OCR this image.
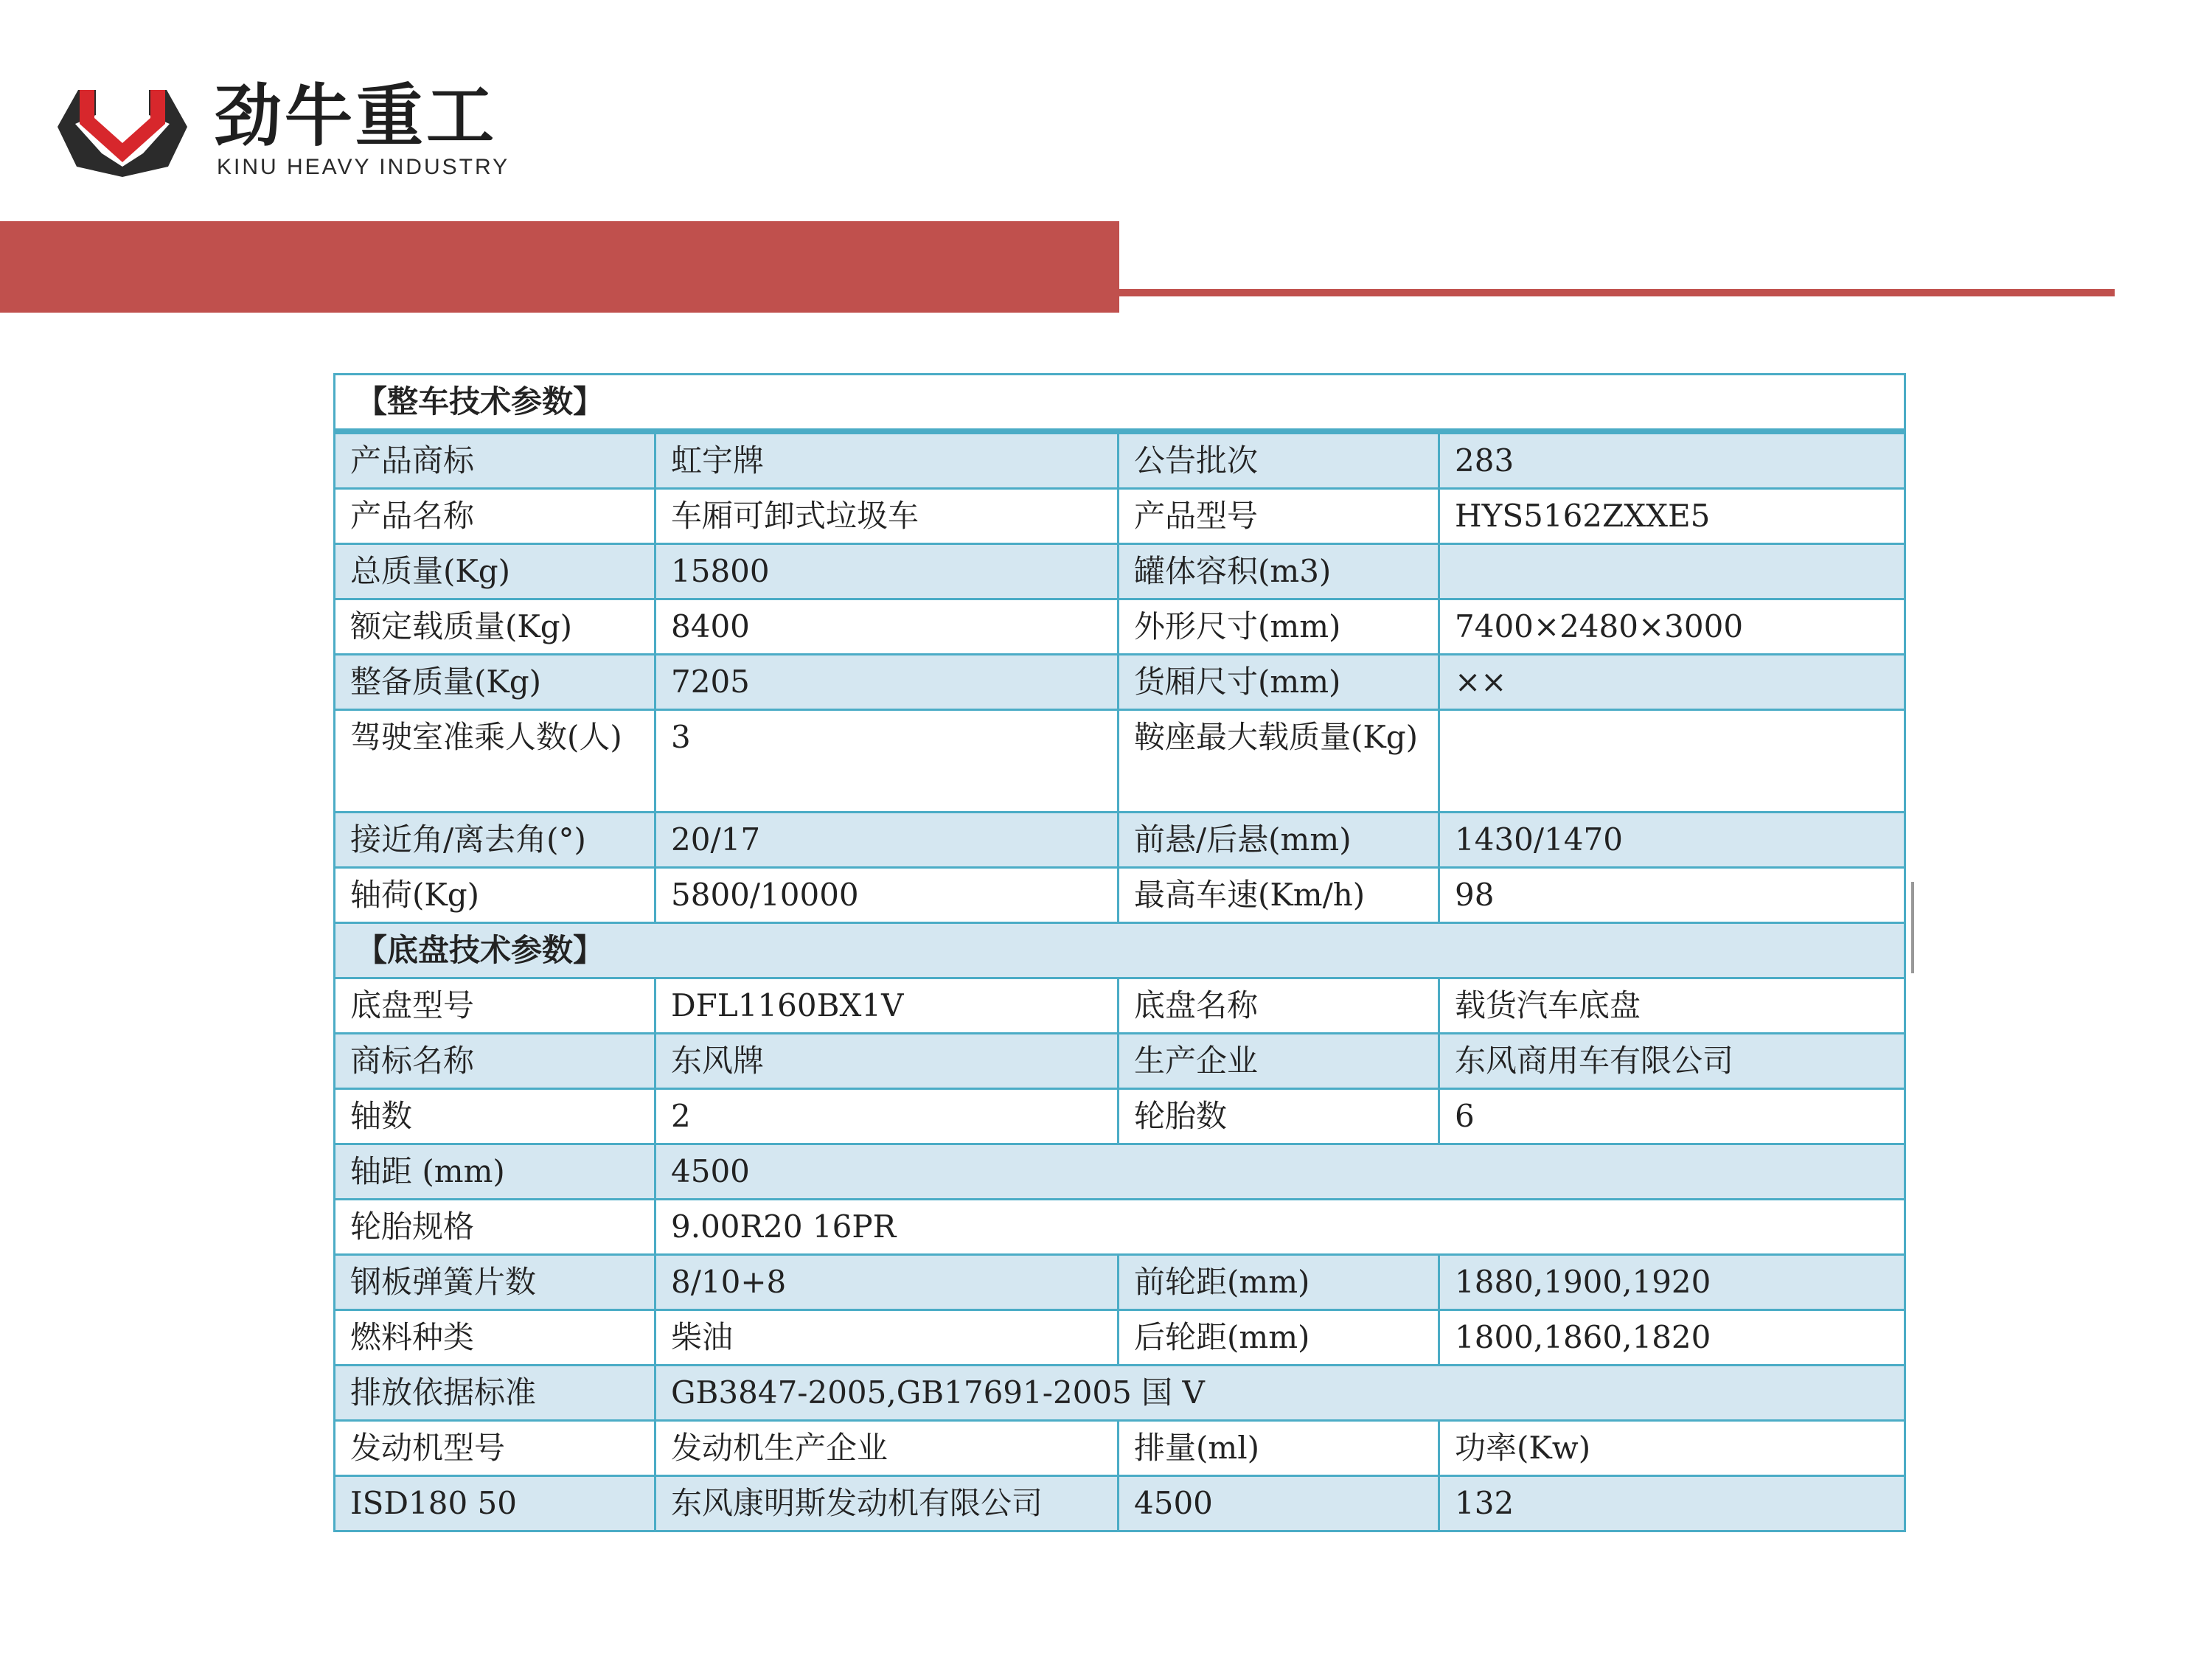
劲牛重工
KINU HEAVY INDUSTRY
【整车技术参数】			
产品商标	虹宇牌	公告批次	283
产品名称	车厢可卸式垃圾车	产品型号	HYS5162ZXXE5
总质量(Kg)	15800	罐体容积(m3)	
额定载质量(Kg)	8400	外形尺寸(mm)	7400×2480×3000
整备质量(Kg)	7205	货厢尺寸(mm)	××
驾驶室准乘人数(人)	3	鞍座最大载质量(Kg)	
接近角/离去角(°)	20/17	前悬/后悬(mm)	1430/1470
轴荷(Kg)	5800/10000	最高车速(Km/h)	98
【底盘技术参数】			
底盘型号	DFL1160BX1V	底盘名称	载货汽车底盘
商标名称	东风牌	生产企业	东风商用车有限公司
轴数	2	轮胎数	6
轴距 (mm)	4500		
轮胎规格	9.00R20 16PR		
钢板弹簧片数	8/10+8	前轮距(mm)	1880,1900,1920
燃料种类	柴油	后轮距(mm)	1800,1860,1820
排放依据标准	GB3847-2005,GB17691-2005 国 V		
发动机型号	发动机生产企业	排量(ml)	功率(Kw)
ISD180 50	东风康明斯发动机有限公司	4500	132
